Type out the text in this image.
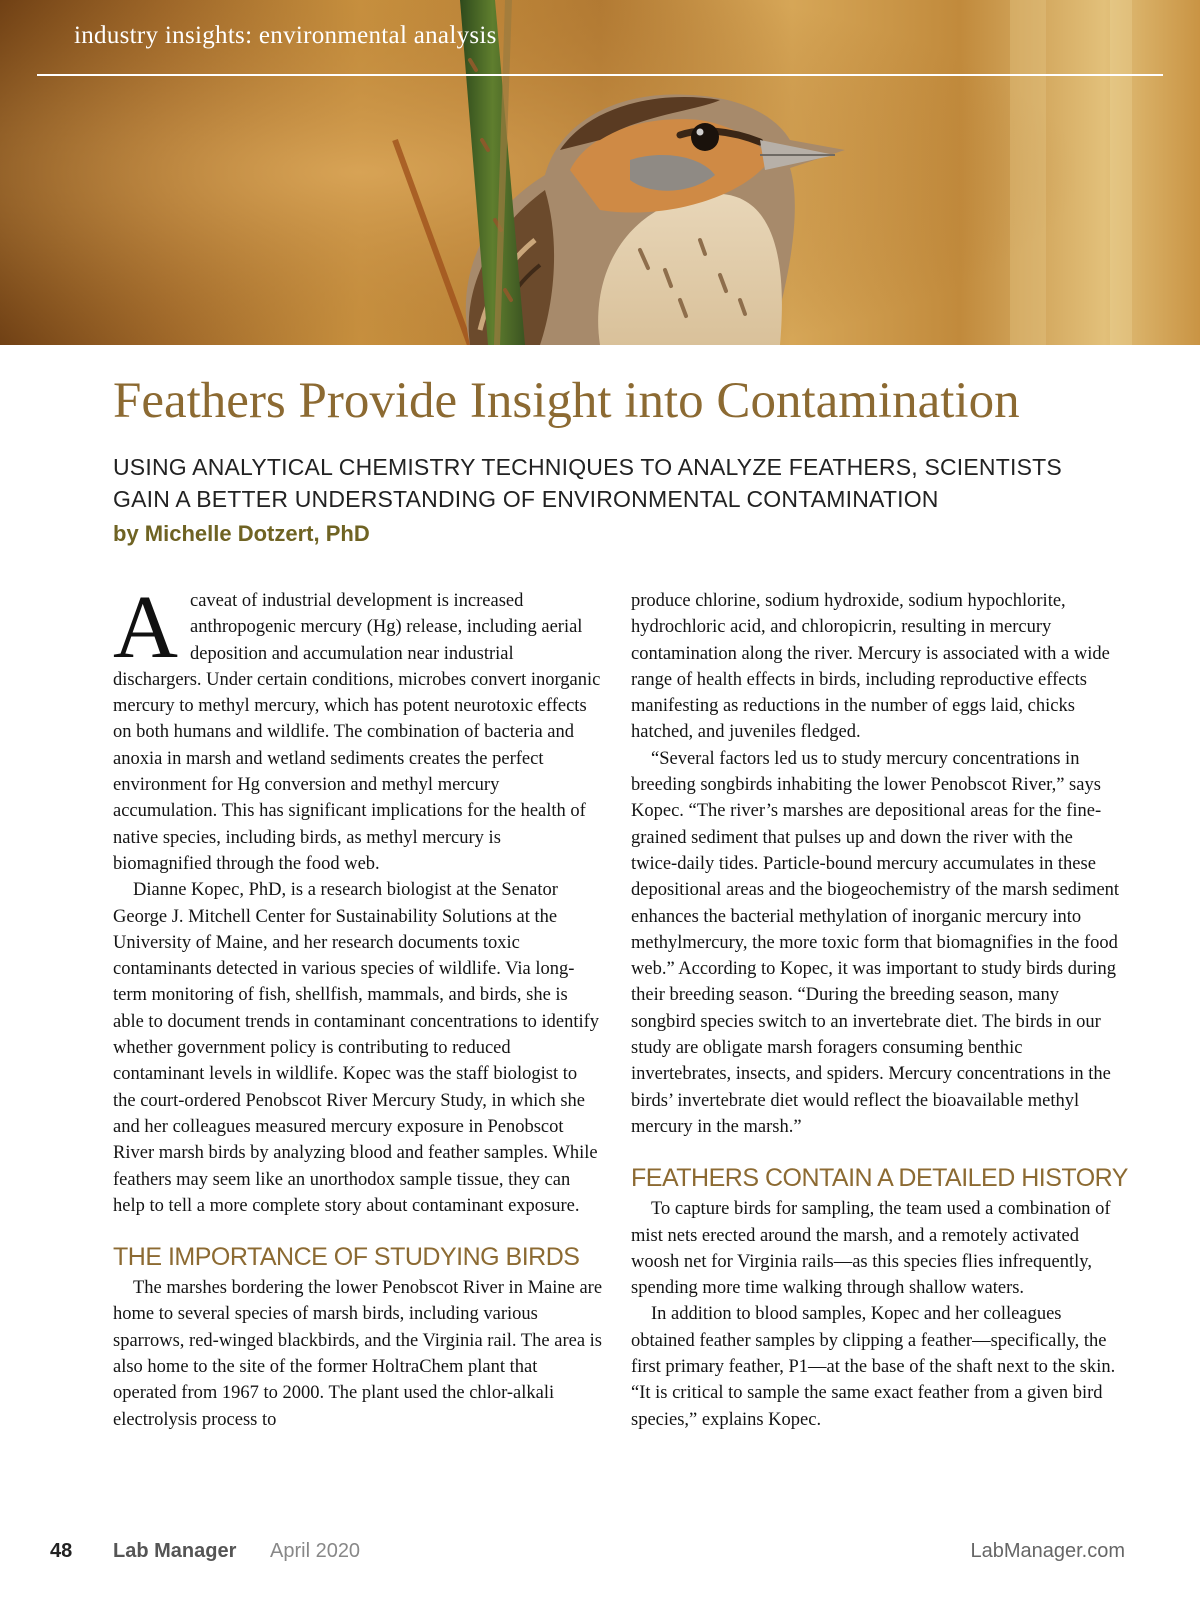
industry insights: environmental analysis
Feathers Provide Insight into Contamination

USING ANALYTICAL CHEMISTRY TECHNIQUES TO ANALYZE FEATHERS, SCIENTISTS GAIN A BETTER UNDERSTANDING OF ENVIRONMENTAL CONTAMINATION

by Michelle Dotzert, PhD

Acaveat of industrial development is increased anthropogenic mercury (Hg) release, including aerial deposition and accumulation near industrial dischargers. Under certain conditions, microbes convert inorganic mercury to methyl mercury, which has potent neurotoxic effects on both humans and wildlife. The combination of bacteria and anoxia in marsh and wetland sediments creates the perfect environment for Hg conversion and methyl mercury accumulation. This has significant implications for the health of native species, including birds, as methyl mercury is biomagnified through the food web.

Dianne Kopec, PhD, is a research biologist at the Senator George J. Mitchell Center for Sustainability Solutions at the University of Maine, and her research documents toxic contaminants detected in various species of wildlife. Via long-term monitoring of fish, shellfish, mammals, and birds, she is able to document trends in contaminant concentrations to identify whether government policy is contributing to reduced contaminant levels in wildlife. Kopec was the staff biologist to the court-ordered Penobscot River Mercury Study, in which she and her colleagues measured mercury exposure in Penobscot River marsh birds by analyzing blood and feather samples. While feathers may seem like an unorthodox sample tissue, they can help to tell a more complete story about contaminant exposure.

THE IMPORTANCE OF STUDYING BIRDS

The marshes bordering the lower Penobscot River in Maine are home to several species of marsh birds, including various sparrows, red-winged blackbirds, and the Virginia rail. The area is also home to the site of the former HoltraChem plant that operated from 1967 to 2000. The plant used the chlor-alkali electrolysis process to

produce chlorine, sodium hydroxide, sodium hypochlorite, hydrochloric acid, and chloropicrin, resulting in mercury contamination along the river. Mercury is associated with a wide range of health effects in birds, including reproductive effects manifesting as reductions in the number of eggs laid, chicks hatched, and juveniles fledged.

“Several factors led us to study mercury concentrations in breeding songbirds inhabiting the lower Penobscot River,” says Kopec. “The river’s marshes are depositional areas for the fine-grained sediment that pulses up and down the river with the twice-daily tides. Particle-bound mercury accumulates in these depositional areas and the biogeochemistry of the marsh sediment enhances the bacterial methylation of inorganic mercury into methylmercury, the more toxic form that biomagnifies in the food web.” According to Kopec, it was important to study birds during their breeding season. “During the breeding season, many songbird species switch to an invertebrate diet. The birds in our study are obligate marsh foragers consuming benthic invertebrates, insects, and spiders. Mercury concentrations in the birds’ invertebrate diet would reflect the bioavailable methyl mercury in the marsh.”

FEATHERS CONTAIN A DETAILED HISTORY

To capture birds for sampling, the team used a combination of mist nets erected around the marsh, and a remotely activated woosh net for Virginia rails—as this species flies infrequently, spending more time walking through shallow waters.

In addition to blood samples, Kopec and her colleagues obtained feather samples by clipping a feather—specifically, the first primary feather, P1—at the base of the shaft next to the skin. “It is critical to sample the same exact feather from a given bird species,” explains Kopec.

48 Lab Manager April 2020	LabManager.com
